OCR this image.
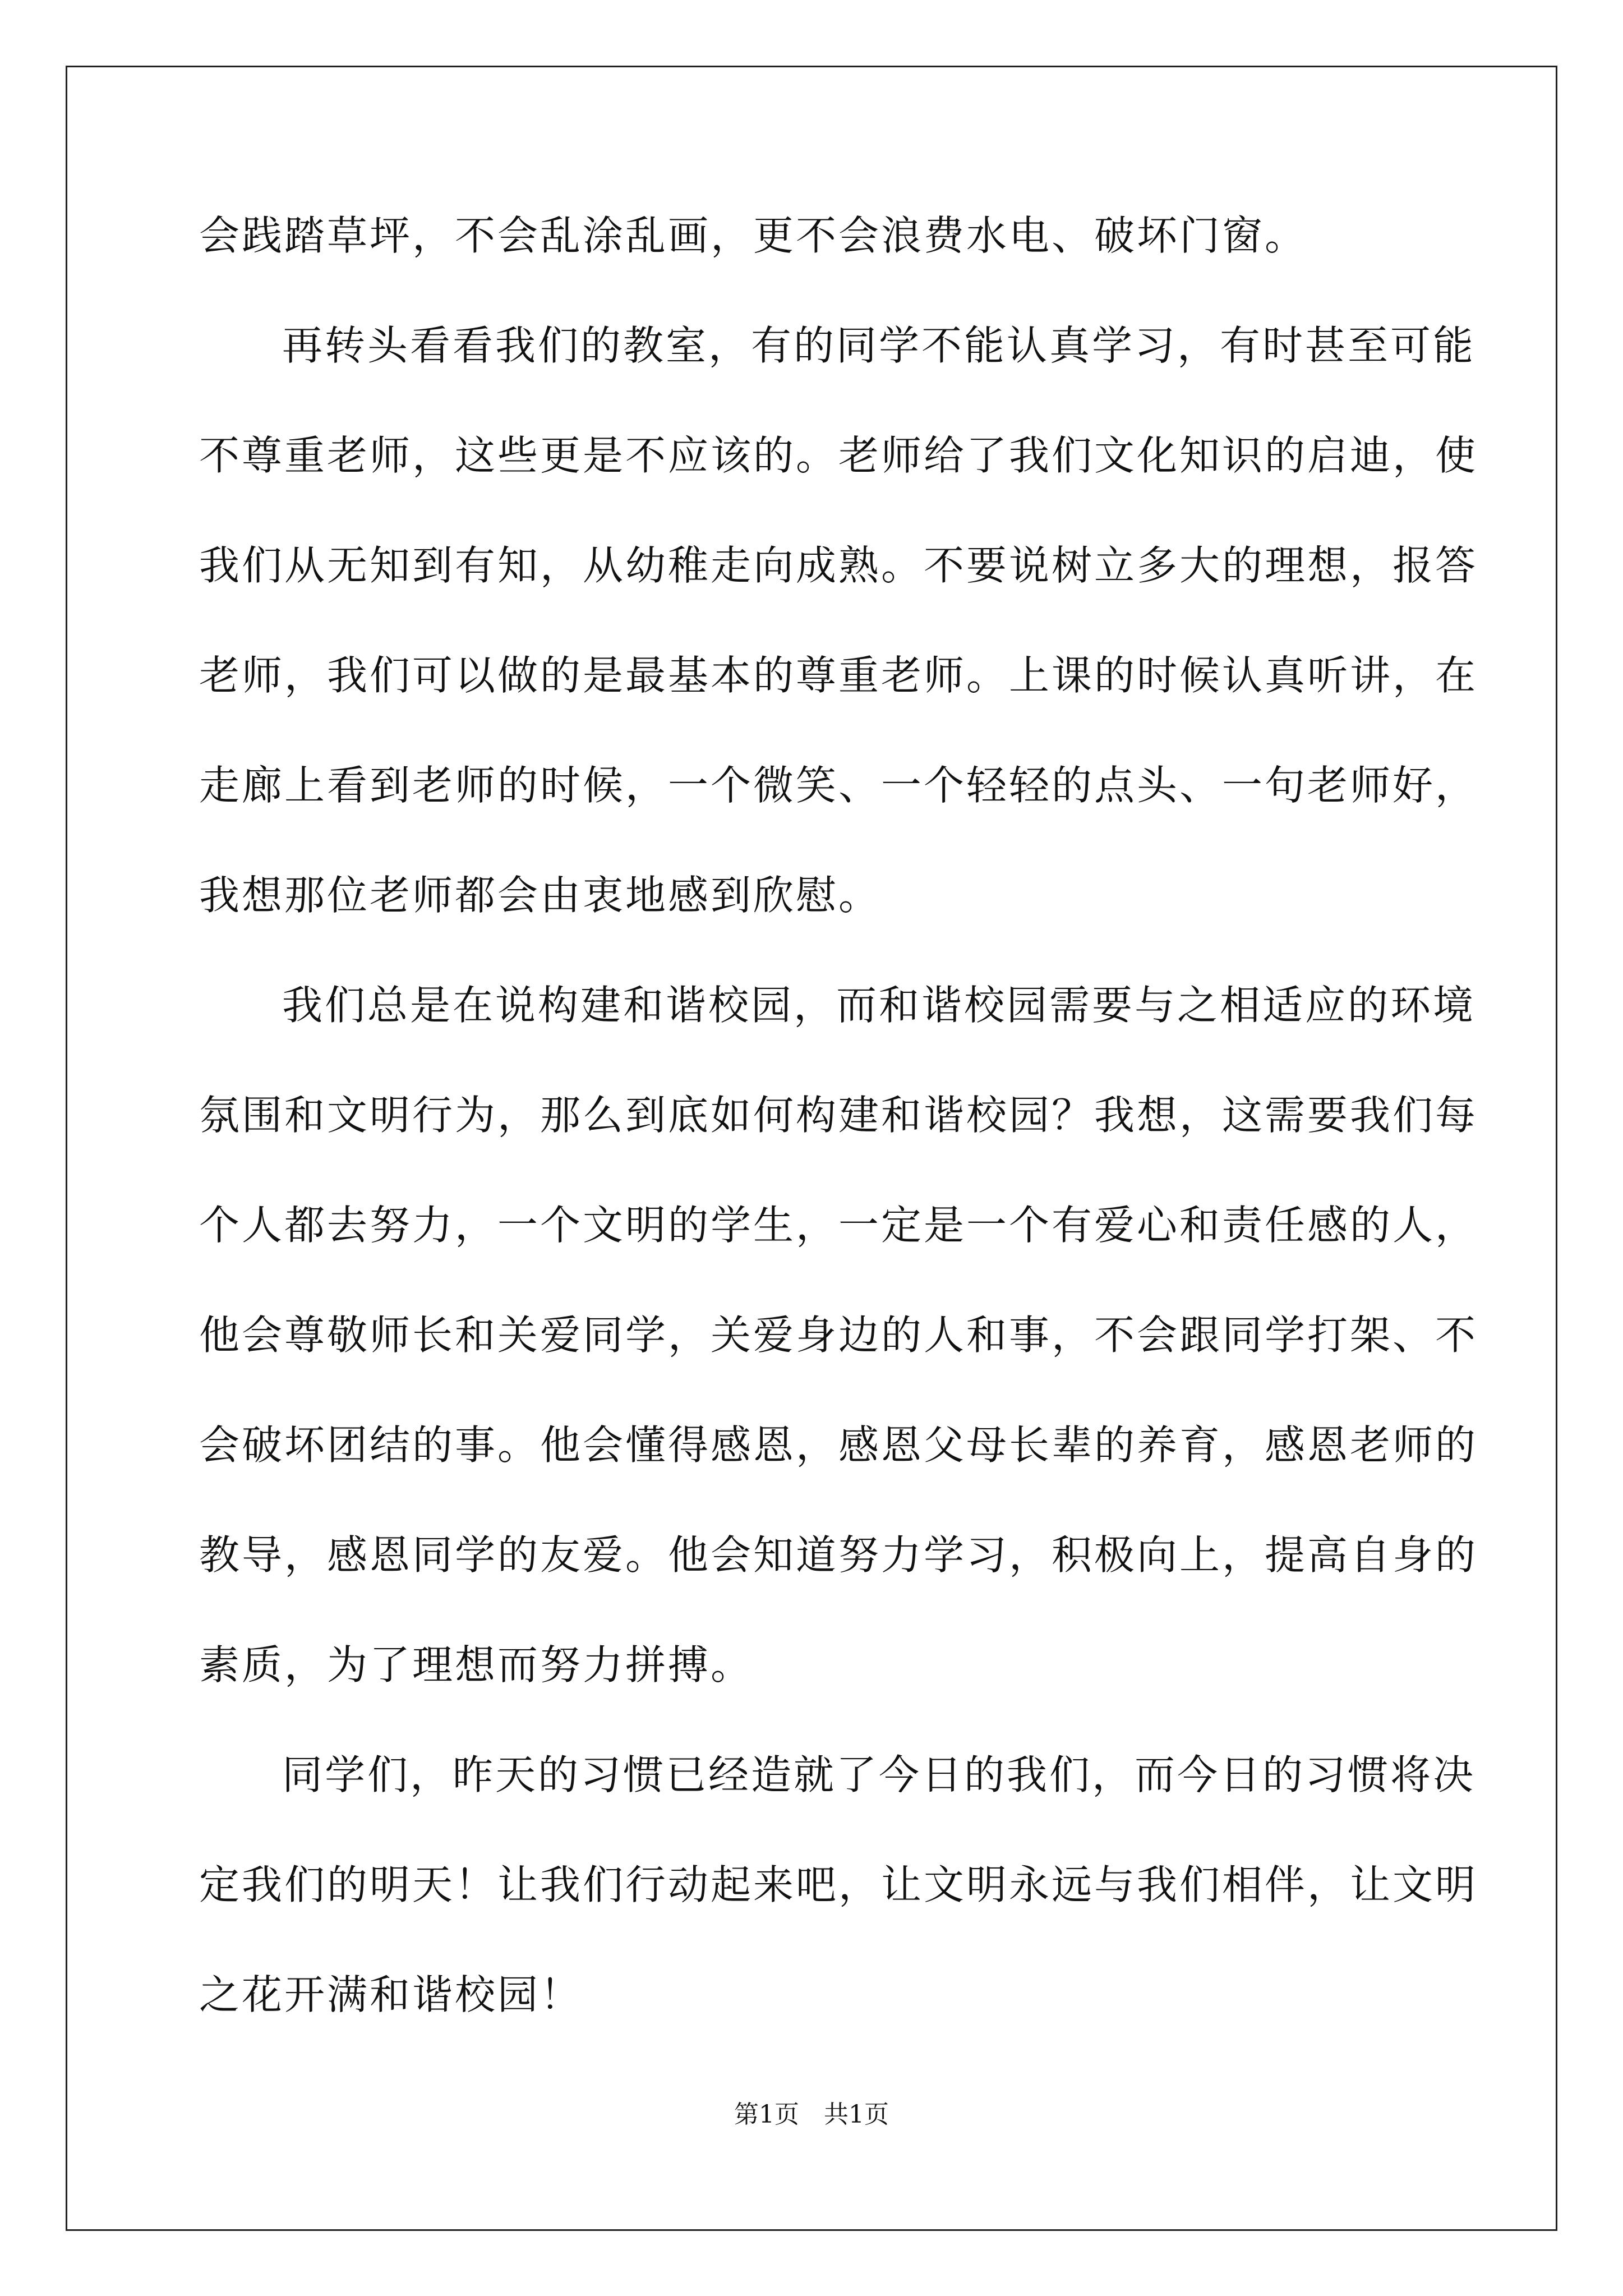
会践踏草坪，不会乱涂乱画，更不会浪费水电、破坏门窗。
再转头看看我们的教室，有的同学不能认真学习，有时甚至可能
不尊重老师，这些更是不应该的。老师给了我们文化知识的启迪，使
我们从无知到有知，从幼稚走向成熟。不要说树立多大的理想，报答
老师，我们可以做的是最基本的尊重老师。上课的时候认真听讲，在
走廊上看到老师的时候，一个微笑、一个轻轻的点头、一句老师好，
我想那位老师都会由衷地感到欣慰。
我们总是在说构建和谐校园，而和谐校园需要与之相适应的环境
氛围和文明行为，那么到底如何构建和谐校园？我想，这需要我们每
个人都去努力，一个文明的学生，一定是一个有爱心和责任感的人，
他会尊敬师长和关爱同学，关爱身边的人和事，不会跟同学打架、不
会破坏团结的事。他会懂得感恩，感恩父母长辈的养育，感恩老师的
教导，感恩同学的友爱。他会知道努力学习，积极向上，提高自身的
素质，为了理想而努力拼搏。
同学们，昨天的习惯已经造就了今日的我们，而今日的习惯将决
定我们的明天！让我们行动起来吧，让文明永远与我们相伴，让文明
之花开满和谐校园！
第1页　共1页
